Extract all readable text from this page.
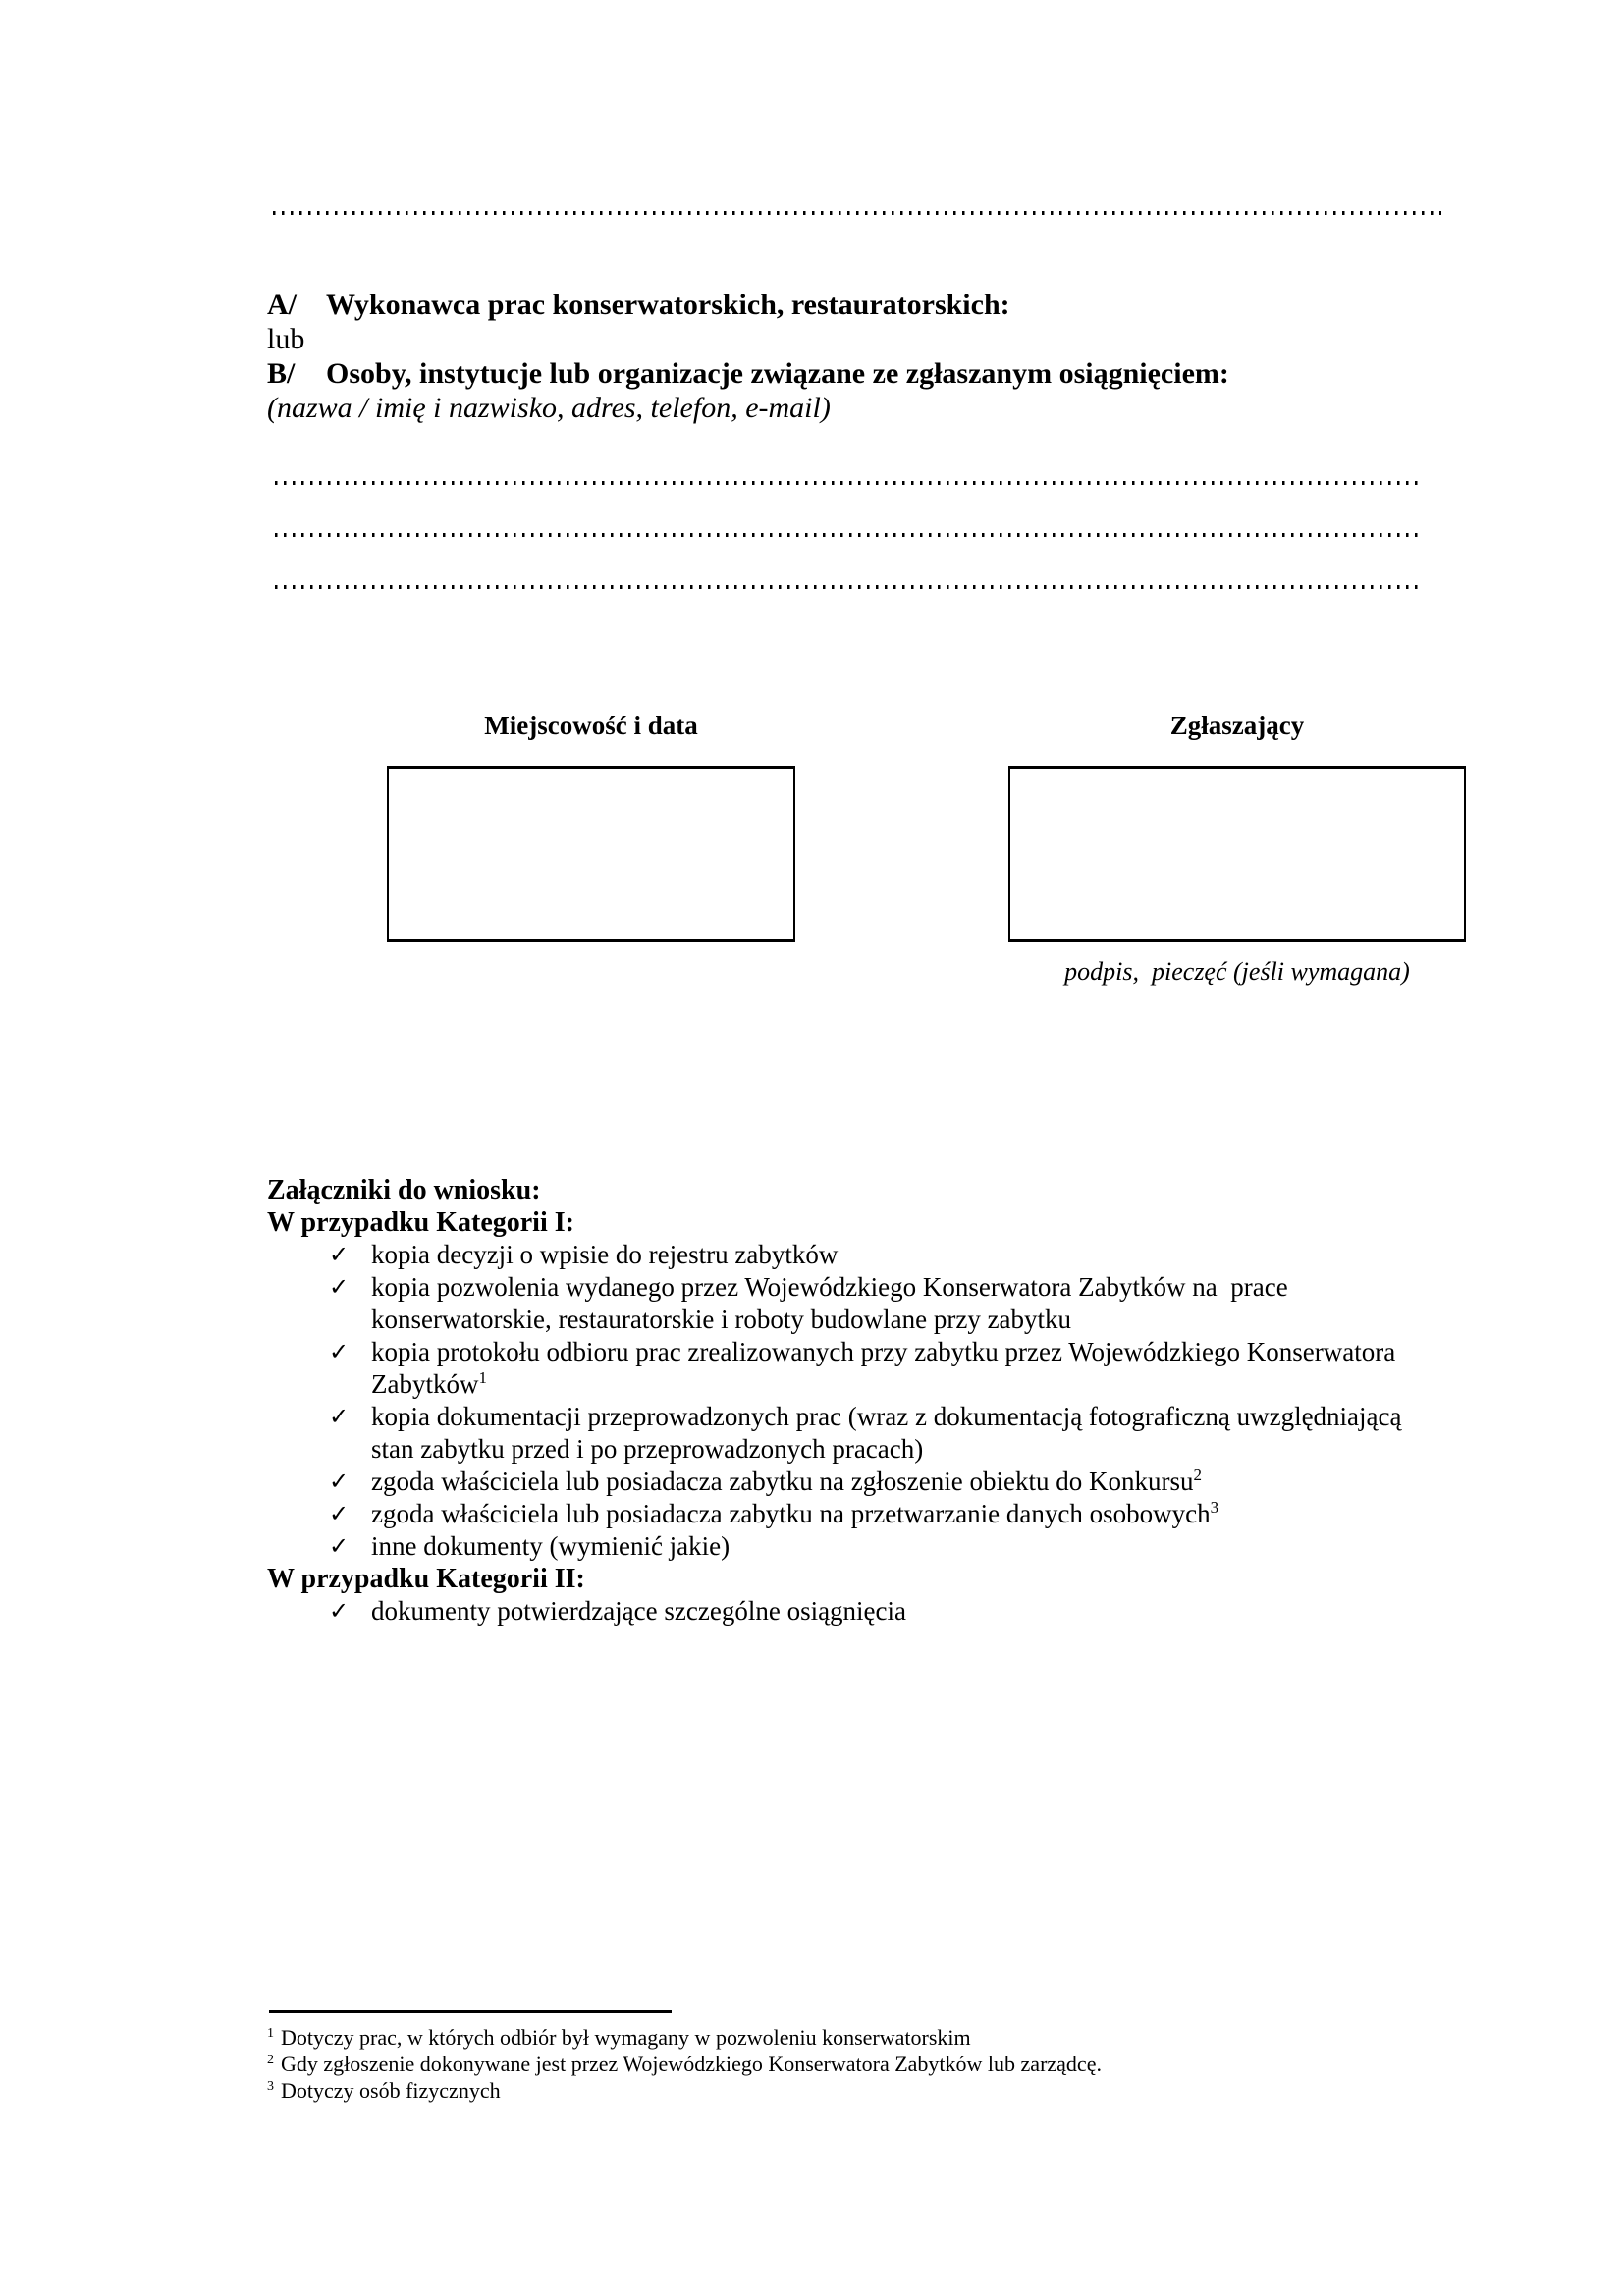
A/	Wykonawca prac konserwatorskich, restauratorskich:
lub
B/	Osoby, instytucje lub organizacje związane ze zgłaszanym osiągnięciem:
(nazwa / imię i nazwisko, adres, telefon, e-mail)
Miejscowość i data	Zgłaszający
podpis,  pieczęć (jeśli wymagana)
Załączniki do wniosku:
W przypadku Kategorii I:
✓ kopia decyzji o wpisie do rejestru zabytków
✓ kopia pozwolenia wydanego przez Wojewódzkiego Konserwatora Zabytków na  prace
konserwatorskie, restauratorskie i roboty budowlane przy zabytku
✓ kopia protokołu odbioru prac zrealizowanych przy zabytku przez Wojewódzkiego Konserwatora
Zabytków$^1$
✓ kopia dokumentacji przeprowadzonych prac (wraz z dokumentacją fotograficzną uwzględniającą
stan zabytku przed i po przeprowadzonych pracach)
✓ zgoda właściciela lub posiadacza zabytku na zgłoszenie obiektu do Konkursu$^2$
✓ zgoda właściciela lub posiadacza zabytku na przetwarzanie danych osobowych$^3$
✓ inne dokumenty (wymienić jakie)
W przypadku Kategorii II:
✓ dokumenty potwierdzające szczególne osiągnięcia
$^1$ Dotyczy prac, w których odbiór był wymagany w pozwoleniu konserwatorskim
$^2$ Gdy zgłoszenie dokonywane jest przez Wojewódzkiego Konserwatora Zabytków lub zarządcę.
$^3$ Dotyczy osób fizycznych
